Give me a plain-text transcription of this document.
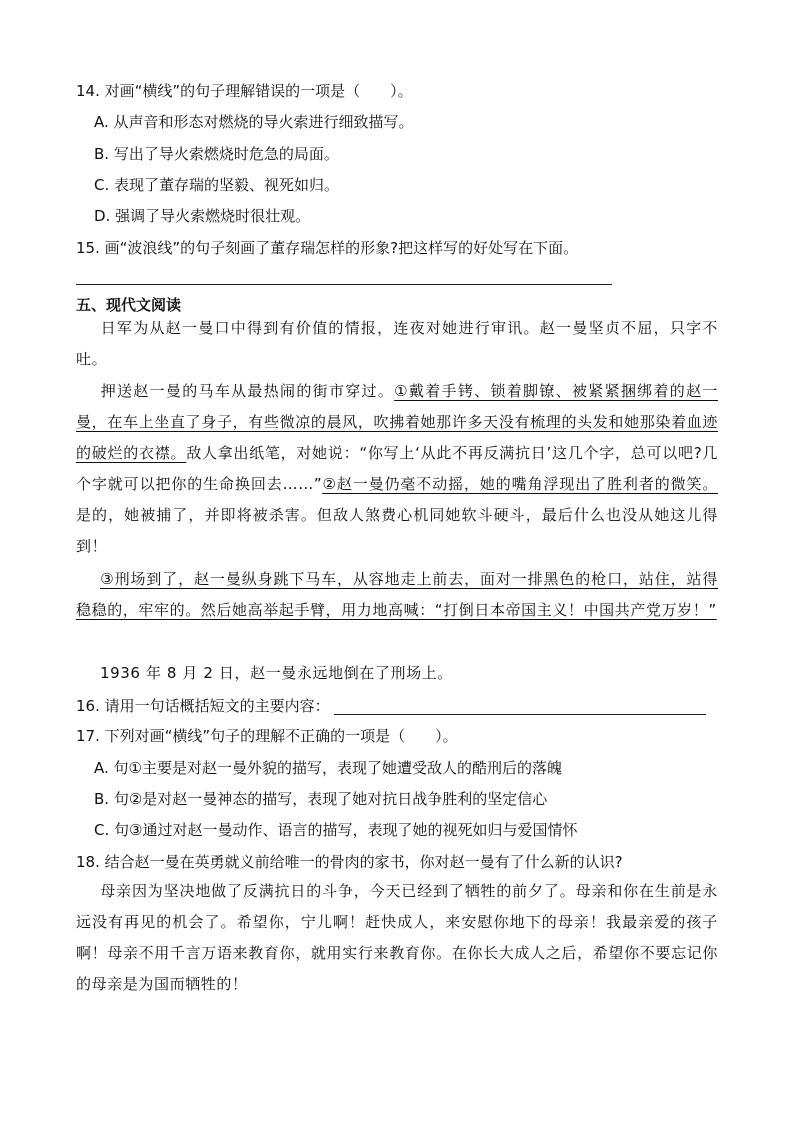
14. 对画“横线”的句子理解错误的一项是（　　）。
A. 从声音和形态对燃烧的导火索进行细致描写。
B. 写出了导火索燃烧时危急的局面。
C. 表现了董存瑞的坚毅、视死如归。
D. 强调了导火索燃烧时很壮观。
15. 画“波浪线”的句子刻画了董存瑞怎样的形象?把这样写的好处写在下面。
五、现代文阅读
日军为从赵一曼口中得到有价值的情报，连夜对她进行审讯。赵一曼坚贞不屈，只字不吐。
押送赵一曼的马车从最热闹的街市穿过。①戴着手铐、锁着脚镣、被紧紧捆绑着的赵一曼，在车上坐直了身子，有些微凉的晨风，吹拂着她那许多天没有梳理的头发和她那染着血迹的破烂的衣襟。敌人拿出纸笔，对她说：“你写上‘从此不再反满抗日’这几个字，总可以吧?几个字就可以把你的生命换回去……”②赵一曼仍毫不动摇，她的嘴角浮现出了胜利者的微笑。是的，她被捕了，并即将被杀害。但敌人煞费心机同她软斗硬斗，最后什么也没从她这儿得到！
③刑场到了，赵一曼纵身跳下马车，从容地走上前去，面对一排黑色的枪口，站住，站得稳稳的，牢牢的。然后她高举起手臂，用力地高喊：“打倒日本帝国主义！中国共产党万岁！”
1936 年 8 月 2 日，赵一曼永远地倒在了刑场上。
16. 请用一句话概括短文的主要内容：
17. 下列对画“横线”句子的理解不正确的一项是（　　）。
A. 句①主要是对赵一曼外貌的描写，表现了她遭受敌人的酷刑后的落魄
B. 句②是对赵一曼神态的描写，表现了她对抗日战争胜利的坚定信心
C. 句③通过对赵一曼动作、语言的描写，表现了她的视死如归与爱国情怀
18. 结合赵一曼在英勇就义前给唯一的骨肉的家书，你对赵一曼有了什么新的认识?
母亲因为坚决地做了反满抗日的斗争，今天已经到了牺牲的前夕了。母亲和你在生前是永远没有再见的机会了。希望你，宁儿啊！赶快成人，来安慰你地下的母亲！我最亲爱的孩子啊！母亲不用千言万语来教育你，就用实行来教育你。在你长大成人之后，希望你不要忘记你的母亲是为国而牺牲的！
